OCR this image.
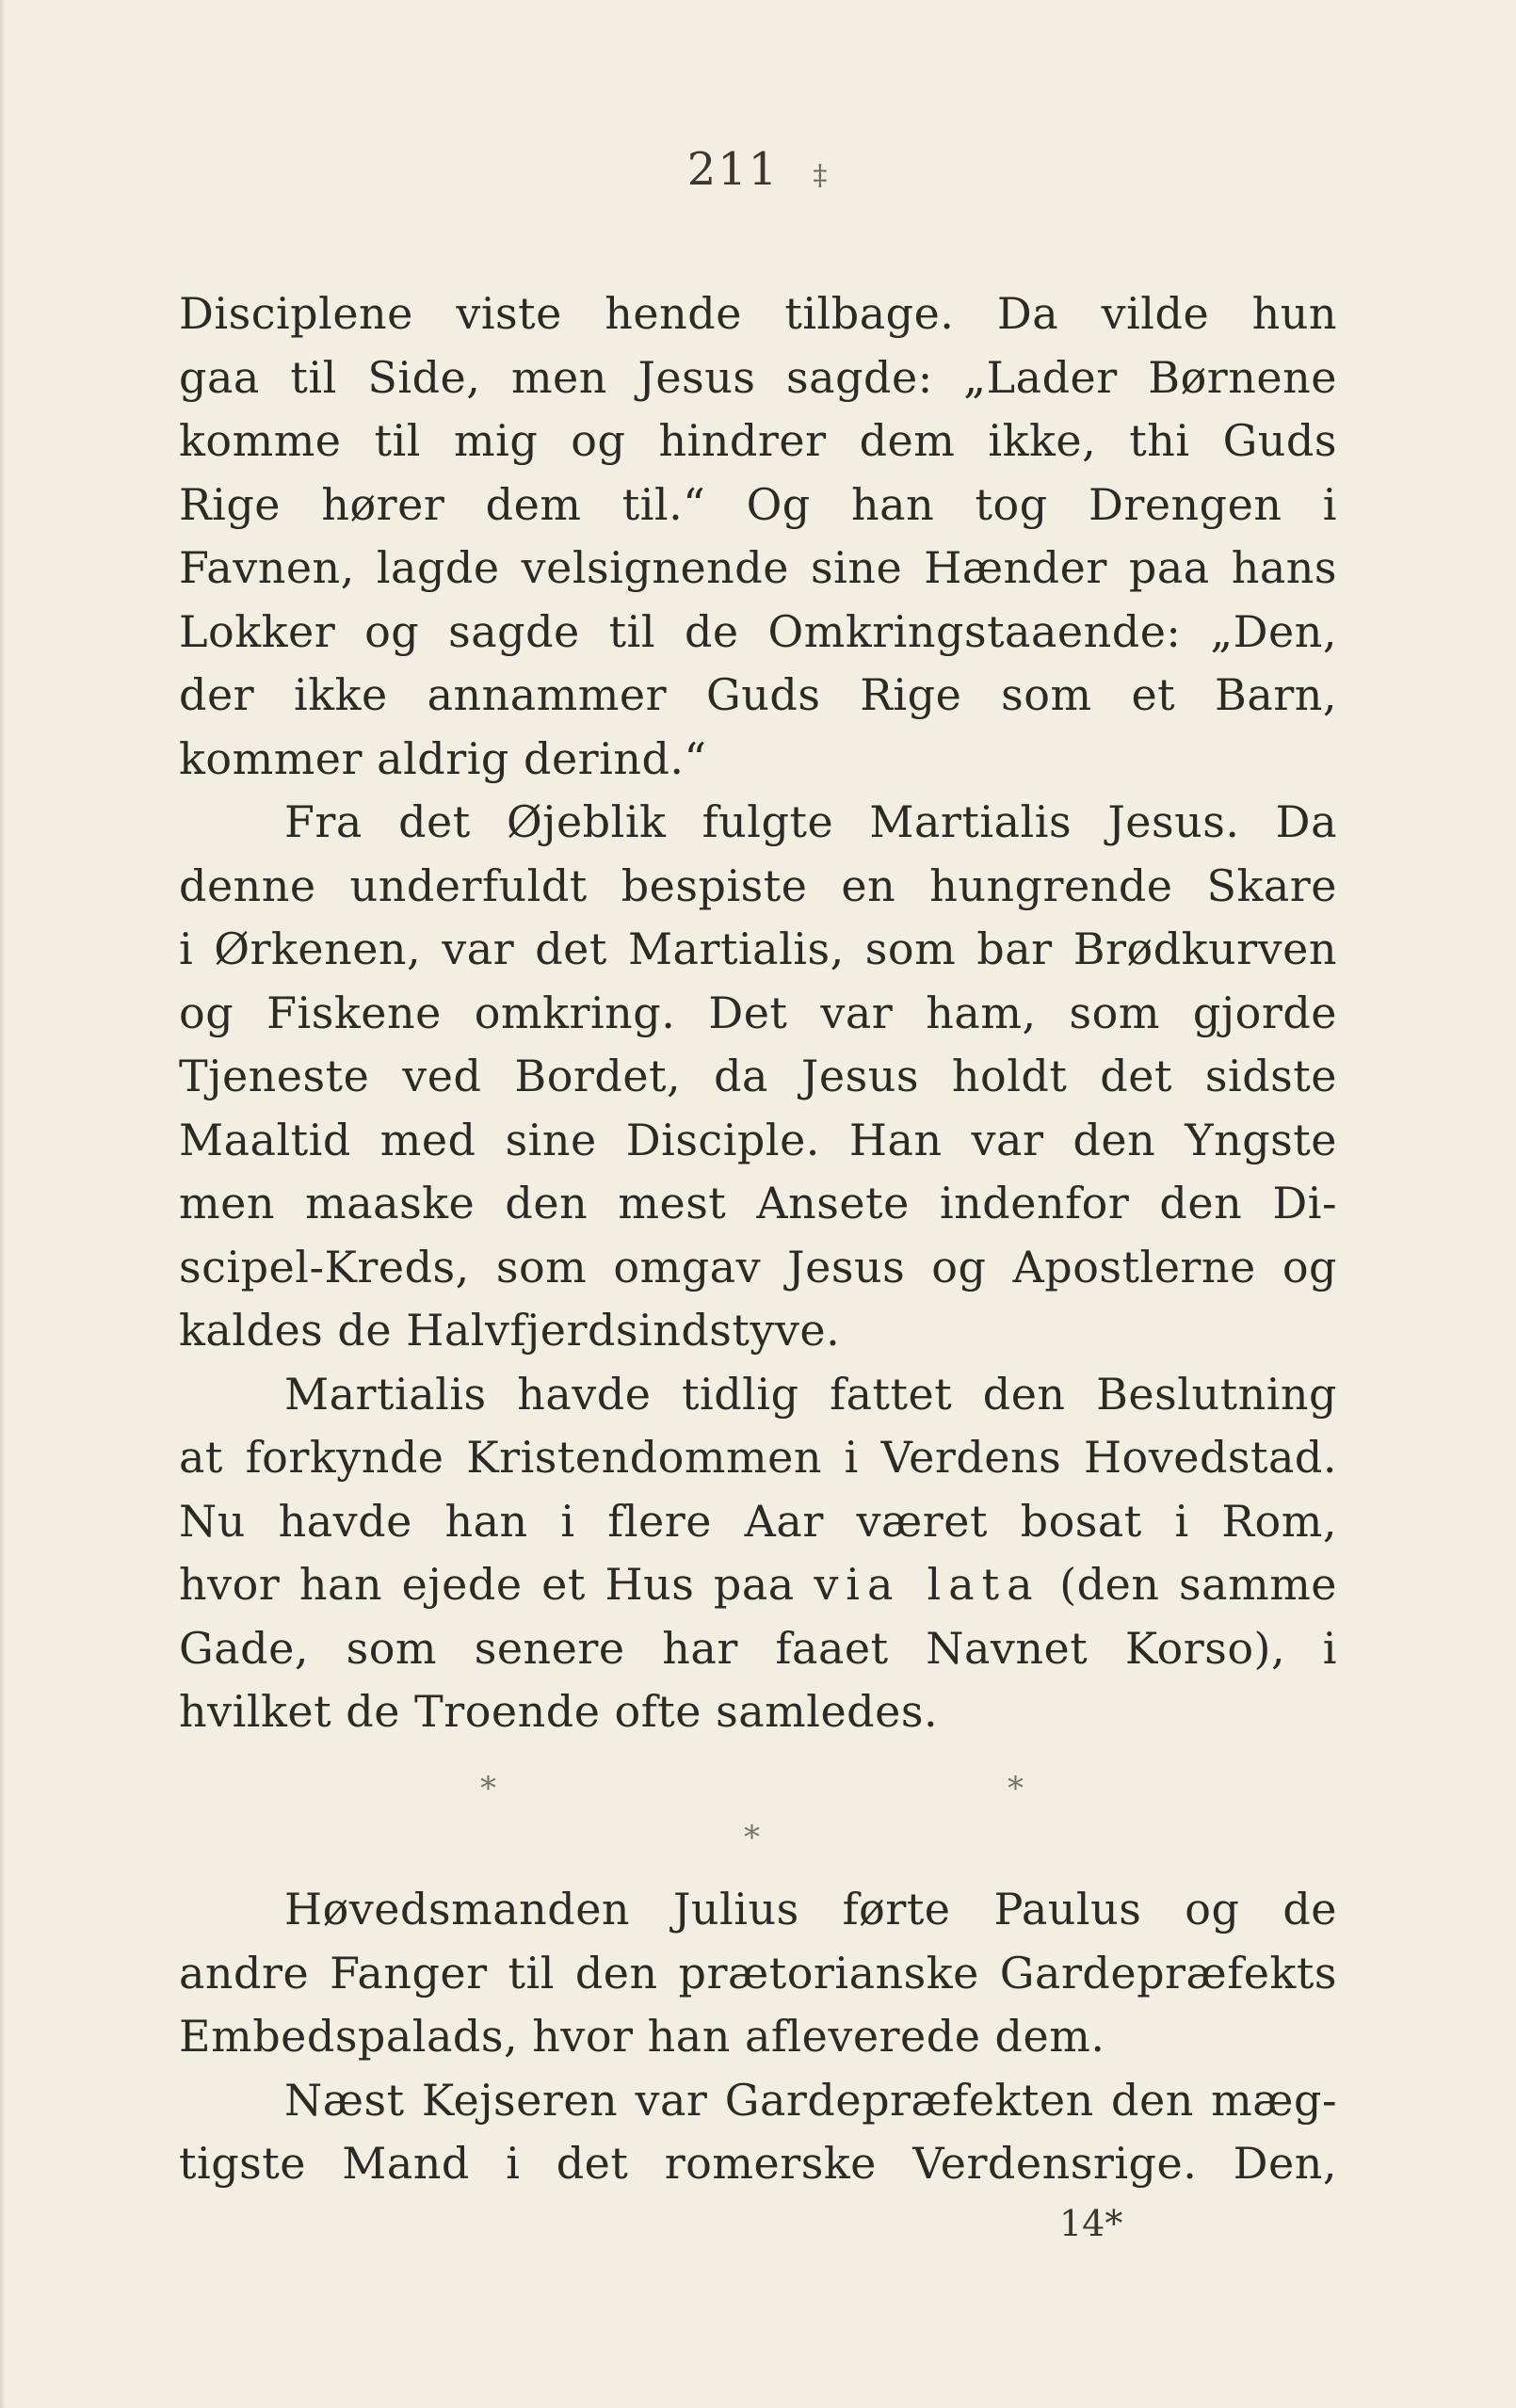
211 ‡
Disciplene viste hende tilbage. Da vilde hun
gaa til Side, men Jesus sagde: „Lader Børnene
komme til mig og hindrer dem ikke, thi Guds
Rige hører dem til.“ Og han tog Drengen i
Favnen, lagde velsignende sine Hænder paa hans
Lokker og sagde til de Omkringstaaende: „Den,
der ikke annammer Guds Rige som et Barn,
kommer aldrig derind.“
Fra det Øjeblik fulgte Martialis Jesus. Da
denne underfuldt bespiste en hungrende Skare
i Ørkenen, var det Martialis, som bar Brødkurven
og Fiskene omkring. Det var ham, som gjorde
Tjeneste ved Bordet, da Jesus holdt det sidste
Maaltid med sine Disciple. Han var den Yngste
men maaske den mest Ansete indenfor den Di-
scipel-Kreds, som omgav Jesus og Apostlerne og
kaldes de Halvfjerdsindstyve.
Martialis havde tidlig fattet den Beslutning
at forkynde Kristendommen i Verdens Hovedstad.
Nu havde han i flere Aar været bosat i Rom,
hvor han ejede et Hus paa via lata (den samme
Gade, som senere har faaet Navnet Korso), i
hvilket de Troende ofte samledes.
*	*
*
Høvedsmanden Julius førte Paulus og de
andre Fanger til den prætorianske Gardepræfekts
Embedspalads, hvor han afleverede dem.
Næst Kejseren var Gardepræfekten den mæg-
tigste Mand i det romerske Verdensrige. Den,
14*
